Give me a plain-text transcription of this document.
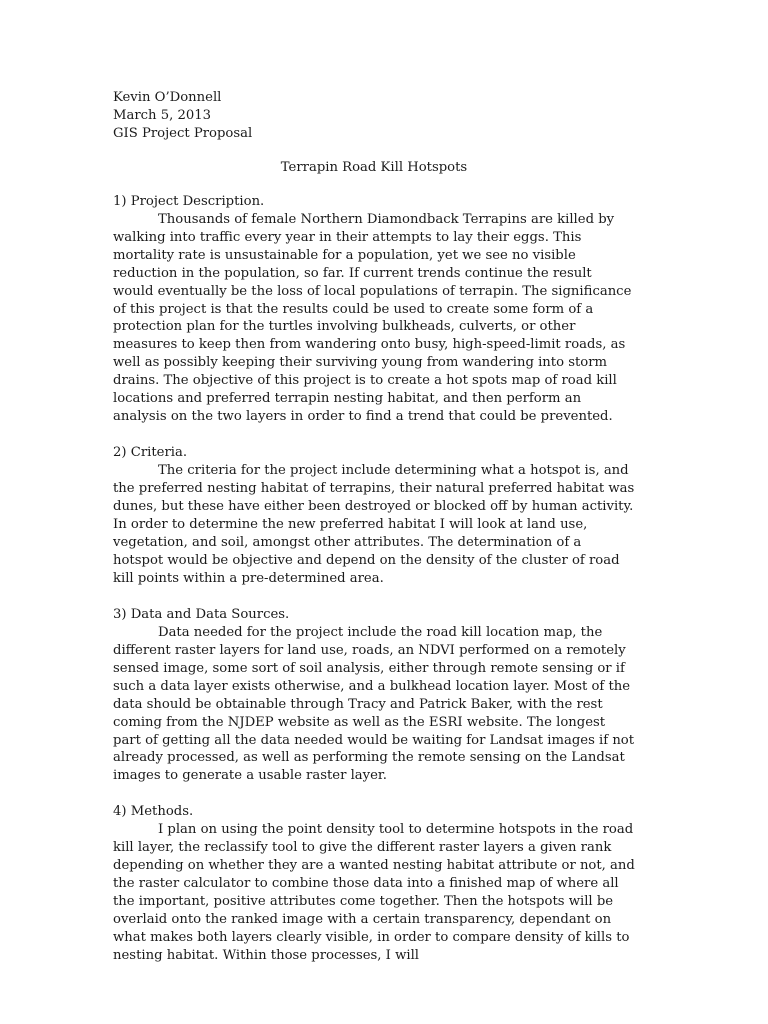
Kevin O’Donnell
March 5, 2013
GIS Project Proposal
Terrapin Road Kill Hotspots
1) Project Description.
Thousands of female Northern Diamondback Terrapins are killed by walking into traffic every year in their attempts to lay their eggs. This mortality rate is unsustainable for a population, yet we see no visible reduction in the population, so far. If current trends continue the result would eventually be the loss of local populations of terrapin. The significance of this project is that the results could be used to create some form of a protection plan for the turtles involving bulkheads, culverts, or other measures to keep then from wandering onto busy, high-speed-limit roads, as well as possibly keeping their surviving young from wandering into storm drains. The objective of this project is to create a hot spots map of road kill locations and preferred terrapin nesting habitat, and then perform an analysis on the two layers in order to find a trend that could be prevented.
2) Criteria.
The criteria for the project include determining what a hotspot is, and the preferred nesting habitat of terrapins, their natural preferred habitat was dunes, but these have either been destroyed or blocked off by human activity. In order to determine the new preferred habitat I will look at land use, vegetation, and soil, amongst other attributes. The determination of a hotspot would be objective and depend on the density of the cluster of road kill points within a pre-determined area.
3) Data and Data Sources.
Data needed for the project include the road kill location map, the different raster layers for land use, roads, an NDVI performed on a remotely sensed image, some sort of soil analysis, either through remote sensing or if such a data layer exists otherwise, and a bulkhead location layer. Most of the data should be obtainable through Tracy and Patrick Baker, with the rest coming from the NJDEP website as well as the ESRI website. The longest part of getting all the data needed would be waiting for Landsat images if not already processed, as well as performing the remote sensing on the Landsat images to generate a usable raster layer.
4) Methods.
I plan on using the point density tool to determine hotspots in the road kill layer, the reclassify tool to give the different raster layers a given rank depending on whether they are a wanted nesting habitat attribute or not, and the raster calculator to combine those data into a finished map of where all the important, positive attributes come together. Then the hotspots will be overlaid onto the ranked image with a certain transparency, dependant on what makes both layers clearly visible, in order to compare density of kills to nesting habitat. Within those processes, I will
